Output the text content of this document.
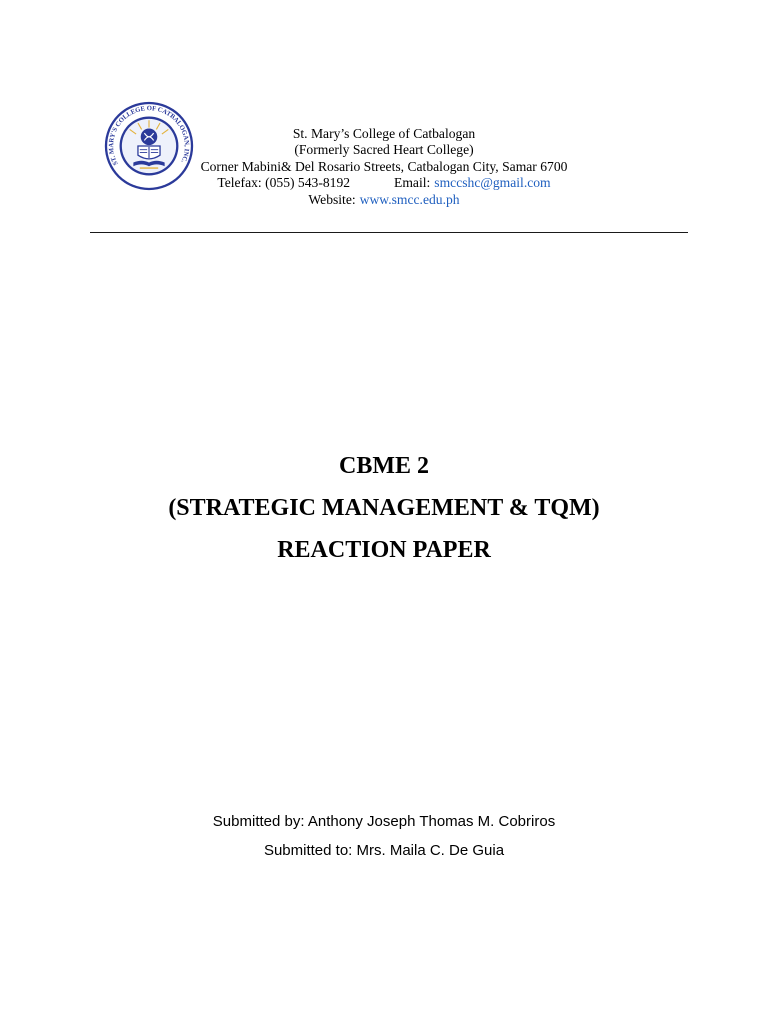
ST. MARY'S COLLEGE OF CATBALOGAN, INC.
St. Mary’s College of Catbalogan
(Formerly Sacred Heart College)
Corner Mabini& Del Rosario Streets, Catbalogan City, Samar 6700
Telefax: (055) 543-8192	Email: smccshc@gmail.com
Website: www.smcc.edu.ph
CBME 2
(STRATEGIC MANAGEMENT & TQM)
REACTION PAPER
Submitted by: Anthony Joseph Thomas M. Cobriros
Submitted to: Mrs. Maila C. De Guia
